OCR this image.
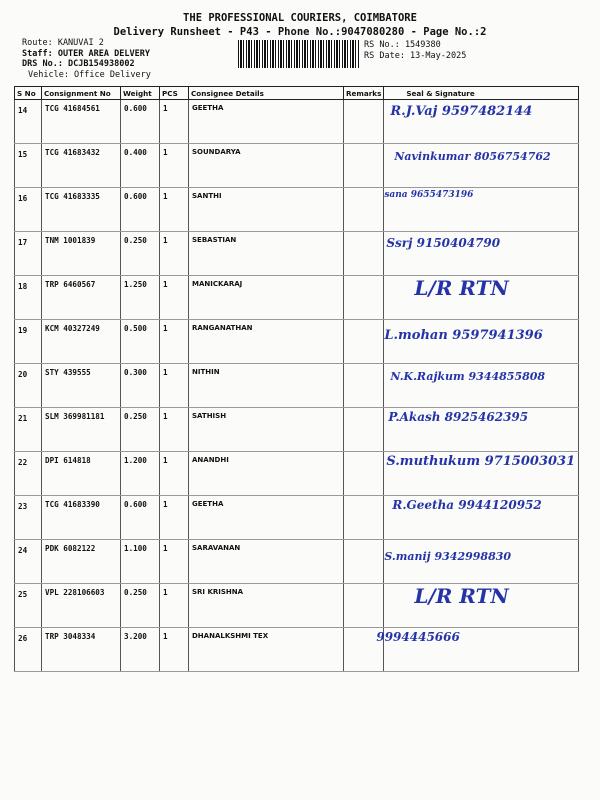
THE PROFESSIONAL COURIERS, COIMBATORE
Delivery Runsheet - P43 - Phone No.:9047080280 - Page No.:2
Route: KANUVAI 2
Staff: OUTER AREA DELVERY
DRS No.: DCJB154938002
Vehicle: Office Delivery
RS No.: 1549380
RS Date: 13-May-2025
S No	Consignment No	Weight	PCS	Consignee Details	Remarks	Seal & Signature
14	TCG 41684561	0.600	1	GEETHA		R.J.Vaj 9597482144

15	TCG 41683432	0.400	1	SOUNDARYA		Navinkumar 8056754762

16	TCG 41683335	0.600	1	SANTHI		sana 9655473196

17	TNM 1001839	0.250	1	SEBASTIAN		Ssrj 9150404790

18	TRP 6460567	1.250	1	MANICKARAJ		L/R RTN

19	KCM 40327249	0.500	1	RANGANATHAN		L.mohan 9597941396

20	STY 439555	0.300	1	NITHIN		N.K.Rajkum 9344855808

21	SLM 369981181	0.250	1	SATHISH		P.Akash 8925462395

22	DPI 614818	1.200	1	ANANDHI		S.muthukum 9715003031

23	TCG 41683390	0.600	1	GEETHA		R.Geetha 9944120952

24	PDK 6082122	1.100	1	SARAVANAN		S.manij 9342998830

25	VPL 228106603	0.250	1	SRI KRISHNA		L/R RTN

26	TRP 3048334	3.200	1	DHANALKSHMI TEX		9994445666
